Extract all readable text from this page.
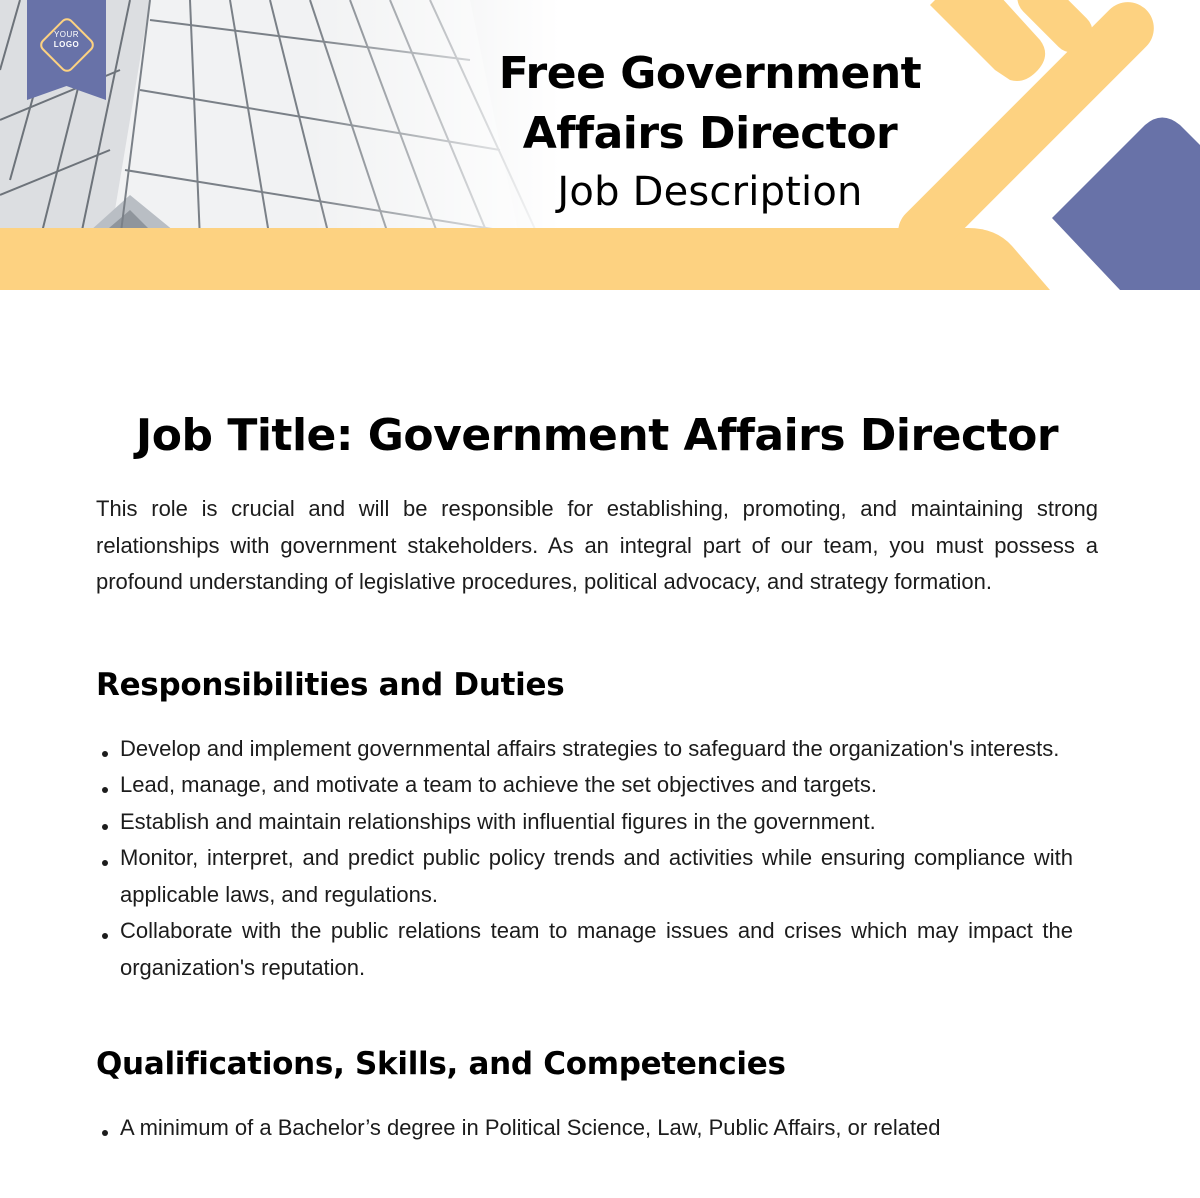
YOUR
LOGO
Free Government
Affairs Director
Job Description
Job Title: Government Affairs Director

This role is crucial and will be responsible for establishing, promoting, and maintaining strong relationships with government stakeholders. As an integral part of our team, you must possess a profound understanding of legislative procedures, political advocacy, and strategy formation.

Responsibilities and Duties
Develop and implement governmental affairs strategies to safeguard the organization's interests.
Lead, manage, and motivate a team to achieve the set objectives and targets.
Establish and maintain relationships with influential figures in the government.
Monitor, interpret, and predict public policy trends and activities while ensuring compliance with applicable laws, and regulations.
Collaborate with the public relations team to manage issues and crises which may impact the organization's reputation.
Qualifications, Skills, and Competencies
A minimum of a Bachelor’s degree in Political Science, Law, Public Affairs, or related
